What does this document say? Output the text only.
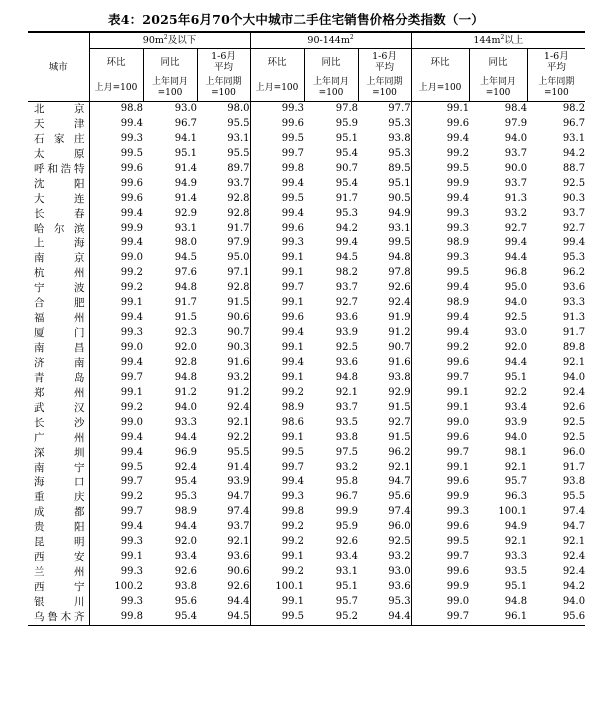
表4：2025年6月70个大中城市二手住宅销售价格分类指数（一）
城市	$90m^2$及以下			$90-144m^2$			$144m^2$以上		
	环比	同比	1-6月平均	环比	同比	1-6月平均	环比	同比	1-6月平均
	上月=100	上年同月=100	上年同期=100	上月=100	上年同月=100	上年同期=100	上月=100	上年同月=100	上年同期=100
北京	98.8	93.0	98.0	99.3	97.8	97.7	99.1	98.4	98.2
天津	99.4	96.7	95.5	99.6	95.9	95.3	99.6	97.9	96.7
石家庄	99.3	94.1	93.1	99.5	95.1	93.8	99.4	94.0	93.1
太原	99.5	95.1	95.5	99.7	95.4	95.3	99.2	93.7	94.2
呼和浩特	99.6	91.4	89.7	99.8	90.7	89.5	99.5	90.0	88.7
沈阳	99.6	94.9	93.7	99.4	95.4	95.1	99.9	93.7	92.5
大连	99.6	91.4	92.8	99.5	91.7	90.5	99.4	91.3	90.3
长春	99.4	92.9	92.8	99.4	95.3	94.9	99.3	93.2	93.7
哈尔滨	99.9	93.1	91.7	99.6	94.2	93.1	99.3	92.7	92.7
上海	99.4	98.0	97.9	99.3	99.4	99.5	98.9	99.4	99.4
南京	99.0	94.5	95.0	99.1	94.5	94.8	99.3	94.4	95.3
杭州	99.2	97.6	97.1	99.1	98.2	97.8	99.5	96.8	96.2
宁波	99.2	94.8	92.8	99.7	93.7	92.6	99.4	95.0	93.6
合肥	99.1	91.7	91.5	99.1	92.7	92.4	98.9	94.0	93.3
福州	99.4	91.5	90.6	99.6	93.6	91.9	99.4	92.5	91.3
厦门	99.3	92.3	90.7	99.4	93.9	91.2	99.4	93.0	91.7
南昌	99.0	92.0	90.3	99.1	92.5	90.7	99.2	92.0	89.8
济南	99.4	92.8	91.6	99.4	93.6	91.6	99.6	94.4	92.1
青岛	99.7	94.8	93.2	99.1	94.8	93.8	99.7	95.1	94.0
郑州	99.1	91.2	91.2	99.2	92.1	92.9	99.1	92.2	92.4
武汉	99.2	94.0	92.4	98.9	93.7	91.5	99.1	93.4	92.6
长沙	99.0	93.3	92.1	98.6	93.5	92.7	99.0	93.9	92.5
广州	99.4	94.4	92.2	99.1	93.8	91.5	99.6	94.0	92.5
深圳	99.4	96.9	95.5	99.5	97.5	96.2	99.7	98.1	96.0
南宁	99.5	92.4	91.4	99.7	93.2	92.1	99.1	92.1	91.7
海口	99.7	95.4	93.9	99.4	95.8	94.7	99.6	95.7	93.8
重庆	99.2	95.3	94.7	99.3	96.7	95.6	99.9	96.3	95.5
成都	99.7	98.9	97.4	99.8	99.9	97.4	99.3	100.1	97.4
贵阳	99.4	94.4	93.7	99.2	95.9	96.0	99.6	94.9	94.7
昆明	99.3	92.0	92.1	99.2	92.6	92.5	99.5	92.1	92.1
西安	99.1	93.4	93.6	99.1	93.4	93.2	99.7	93.3	92.4
兰州	99.3	92.6	90.6	99.2	93.1	93.0	99.6	93.5	92.4
西宁	100.2	93.8	92.6	100.1	95.1	93.6	99.9	95.1	94.2
银川	99.3	95.6	94.4	99.1	95.7	95.3	99.0	94.8	94.0
乌鲁木齐	99.8	95.4	94.5	99.5	95.2	94.4	99.7	96.1	95.6
